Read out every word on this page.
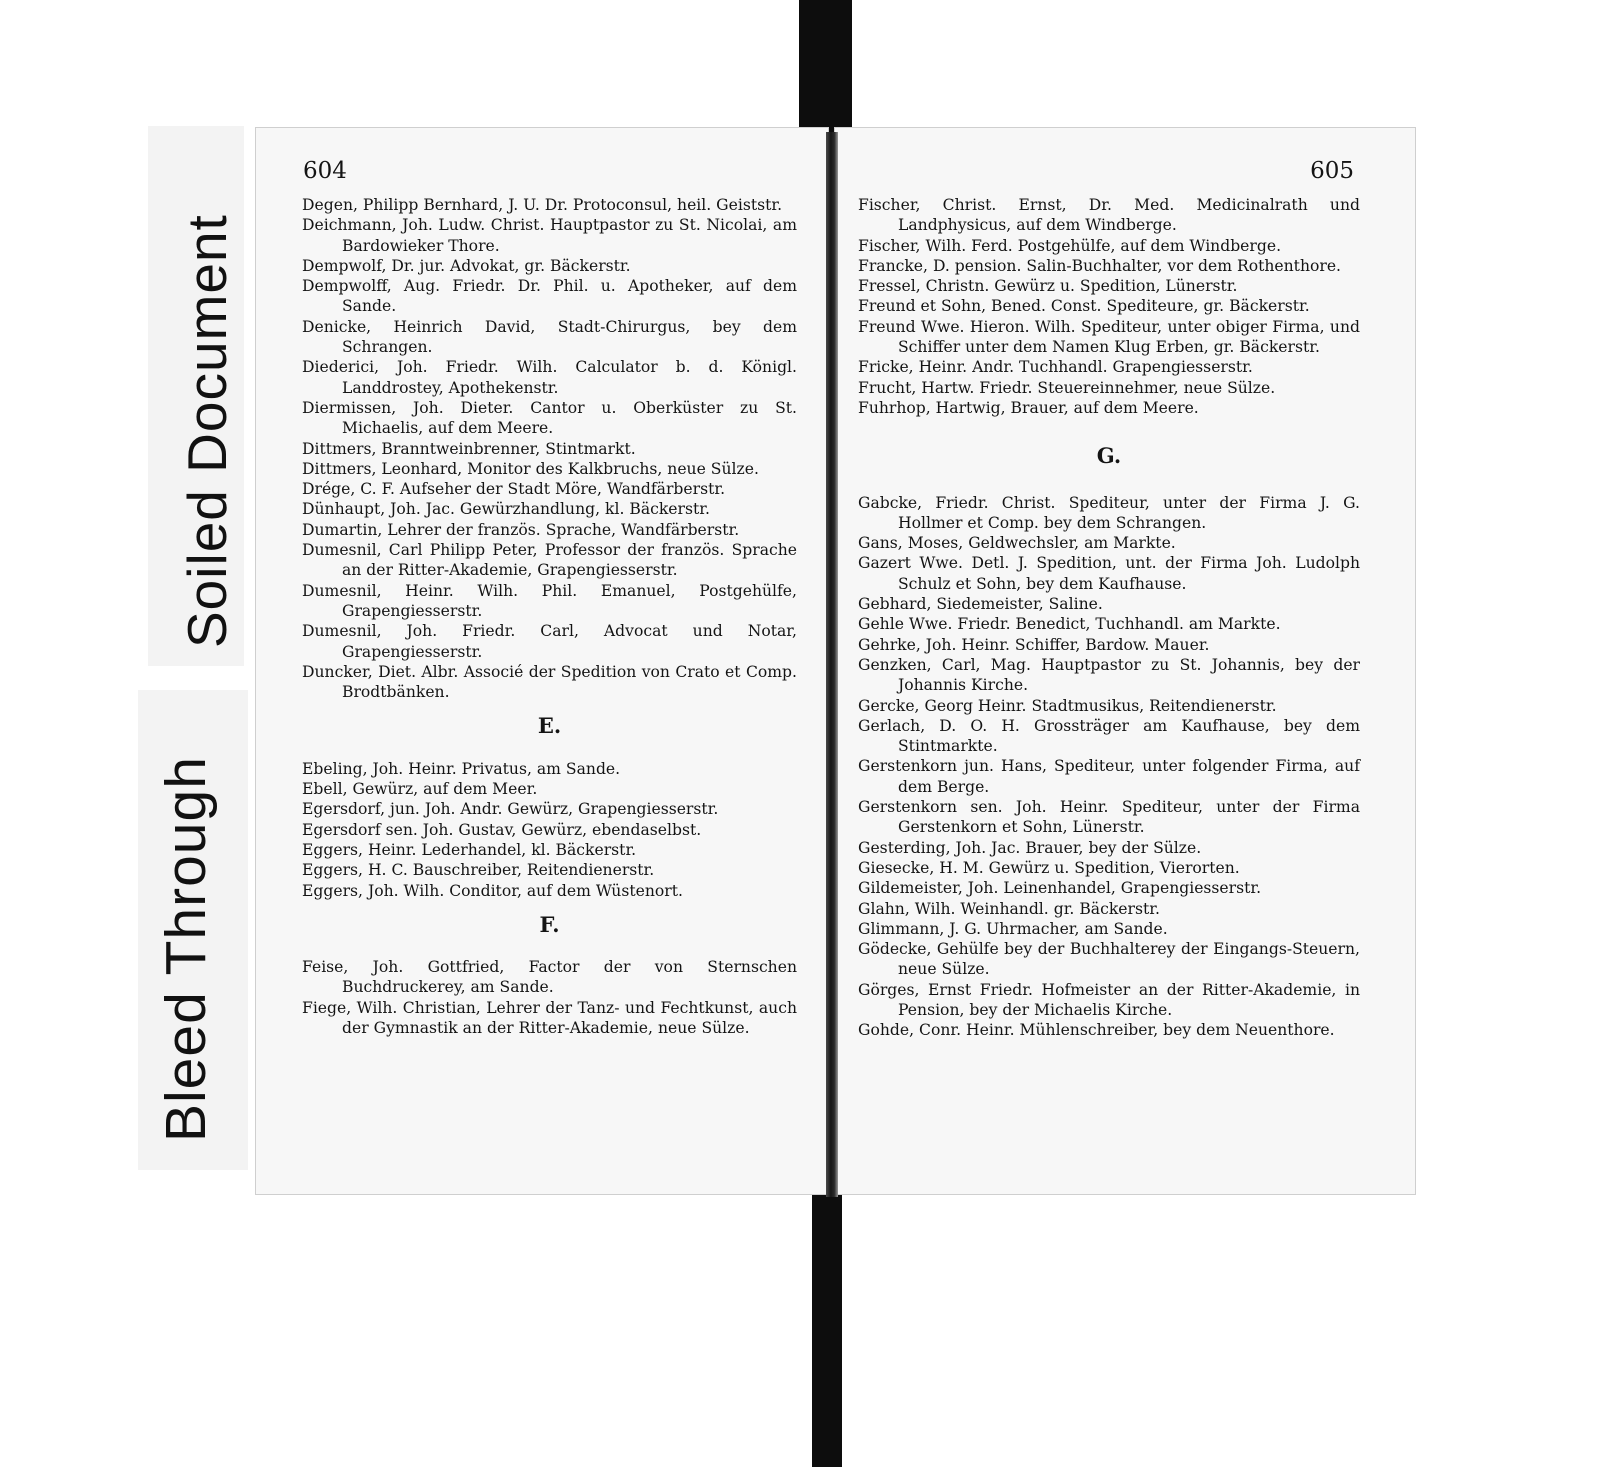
Soiled Document
Bleed Through
604	605

Degen, Philipp Bernhard, J. U. Dr. Protoconsul, heil. Geiststr.

Deichmann, Joh. Ludw. Christ. Hauptpastor zu St. Nicolai, am Bardowieker Thore.

Dempwolf, Dr. jur. Advokat, gr. Bäckerstr.

Dempwolff, Aug. Friedr. Dr. Phil. u. Apotheker, auf dem Sande.

Denicke, Heinrich David, Stadt-Chirurgus, bey dem Schrangen.

Diederici, Joh. Friedr. Wilh. Calculator b. d. Königl. Landdrostey, Apothekenstr.

Diermissen, Joh. Dieter. Cantor u. Oberküster zu St. Michaelis, auf dem Meere.

Dittmers, Branntweinbrenner, Stintmarkt.

Dittmers, Leonhard, Monitor des Kalkbruchs, neue Sülze.

Drége, C. F. Aufseher der Stadt Möre, Wandfärberstr.

Dünhaupt, Joh. Jac. Gewürzhandlung, kl. Bäckerstr.

Dumartin, Lehrer der französ. Sprache, Wandfärberstr.

Dumesnil, Carl Philipp Peter, Professor der französ. Sprache an der Ritter-Akademie, Grapengiesserstr.

Dumesnil, Heinr. Wilh. Phil. Emanuel, Postgehülfe, Grapengiesserstr.

Dumesnil, Joh. Friedr. Carl, Advocat und Notar, Grapengiesserstr.

Duncker, Diet. Albr. Associé der Spedition von Crato et Comp. Brodtbänken.

E.

Ebeling, Joh. Heinr. Privatus, am Sande.

Ebell, Gewürz, auf dem Meer.

Egersdorf, jun. Joh. Andr. Gewürz, Grapengiesserstr.

Egersdorf sen. Joh. Gustav, Gewürz, ebendaselbst.

Eggers, Heinr. Lederhandel, kl. Bäckerstr.

Eggers, H. C. Bauschreiber, Reitendienerstr.

Eggers, Joh. Wilh. Conditor, auf dem Wüstenort.

F.

Feise, Joh. Gottfried, Factor der von Sternschen Buchdruckerey, am Sande.

Fiege, Wilh. Christian, Lehrer der Tanz- und Fechtkunst, auch der Gymnastik an der Ritter-Akademie, neue Sülze.

Fischer, Christ. Ernst, Dr. Med. Medicinalrath und Landphysicus, auf dem Windberge.

Fischer, Wilh. Ferd. Postgehülfe, auf dem Windberge.

Francke, D. pension. Salin-Buchhalter, vor dem Rothenthore.

Fressel, Christn. Gewürz u. Spedition, Lünerstr.

Freund et Sohn, Bened. Const. Spediteure, gr. Bäckerstr.

Freund Wwe. Hieron. Wilh. Spediteur, unter obiger Firma, und Schiffer unter dem Namen Klug Erben, gr. Bäckerstr.

Fricke, Heinr. Andr. Tuchhandl. Grapengiesserstr.

Frucht, Hartw. Friedr. Steuereinnehmer, neue Sülze.

Fuhrhop, Hartwig, Brauer, auf dem Meere.

G.

Gabcke, Friedr. Christ. Spediteur, unter der Firma J. G. Hollmer et Comp. bey dem Schrangen.

Gans, Moses, Geldwechsler, am Markte.

Gazert Wwe. Detl. J. Spedition, unt. der Firma Joh. Ludolph Schulz et Sohn, bey dem Kaufhause.

Gebhard, Siedemeister, Saline.

Gehle Wwe. Friedr. Benedict, Tuchhandl. am Markte.

Gehrke, Joh. Heinr. Schiffer, Bardow. Mauer.

Genzken, Carl, Mag. Hauptpastor zu St. Johannis, bey der Johannis Kirche.

Gercke, Georg Heinr. Stadtmusikus, Reitendienerstr.

Gerlach, D. O. H. Grossträger am Kaufhause, bey dem Stintmarkte.

Gerstenkorn jun. Hans, Spediteur, unter folgender Firma, auf dem Berge.

Gerstenkorn sen. Joh. Heinr. Spediteur, unter der Firma Gerstenkorn et Sohn, Lünerstr.

Gesterding, Joh. Jac. Brauer, bey der Sülze.

Giesecke, H. M. Gewürz u. Spedition, Vierorten.

Gildemeister, Joh. Leinenhandel, Grapengiesserstr.

Glahn, Wilh. Weinhandl. gr. Bäckerstr.

Glimmann, J. G. Uhrmacher, am Sande.

Gödecke, Gehülfe bey der Buchhalterey der Eingangs-Steuern, neue Sülze.

Görges, Ernst Friedr. Hofmeister an der Ritter-Akademie, in Pension, bey der Michaelis Kirche.

Gohde, Conr. Heinr. Mühlenschreiber, bey dem Neuenthore.
